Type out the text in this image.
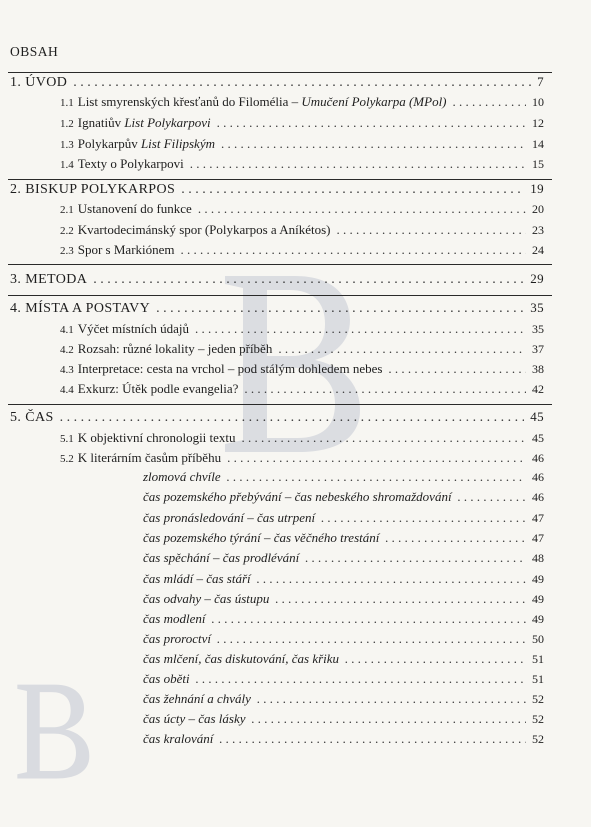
OBSAH
1. ÚVOD . . .	7
1.1 List smyrenských křesťanů do Filomélia – Umučení Polykarpa (MPol) . . .	10
1.2 Ignatiův List Polykarpovi . . .	12
1.3 Polykarpův List Filipským . . .	14
1.4 Texty o Polykarpovi . . .	15
2. BISKUP POLYKARPOS . . .	19
2.1 Ustanovení do funkce . . .	20
2.2 Kvartodecimánský spor (Polykarpos a Aníkétos) . . .	23
2.3 Spor s Markiónem . . .	24
3. METODA . . .	29
4. MÍSTA A POSTAVY . . .	35
4.1 Výčet místních údajů . . .	35
4.2 Rozsah: různé lokality – jeden příběh . . .	37
4.3 Interpretace: cesta na vrchol – pod stálým dohledem nebes . . .	38
4.4 Exkurz: Útěk podle evangelia? . . .	42
5. ČAS . . .	45
5.1 K objektivní chronologii textu . . .	45
5.2 K literárním časům příběhu . . .	46
zlomová chvíle . . .	46
čas pozemského přebývání – čas nebeského shromaždování . . .	46
čas pronásledování – čas utrpení . . .	47
čas pozemského týrání – čas věčného trestání . . .	47
čas spěchání – čas prodlévání . . .	48
čas mládí – čas stáří . . .	49
čas odvahy – čas ústupu . . .	49
čas modlení . . .	49
čas proroctví . . .	50
čas mlčení, čas diskutování, čas křiku . . .	51
čas oběti . . .	51
čas žehnání a chvály . . .	52
čas úcty – čas lásky . . .	52
čas kralování . . .	52
